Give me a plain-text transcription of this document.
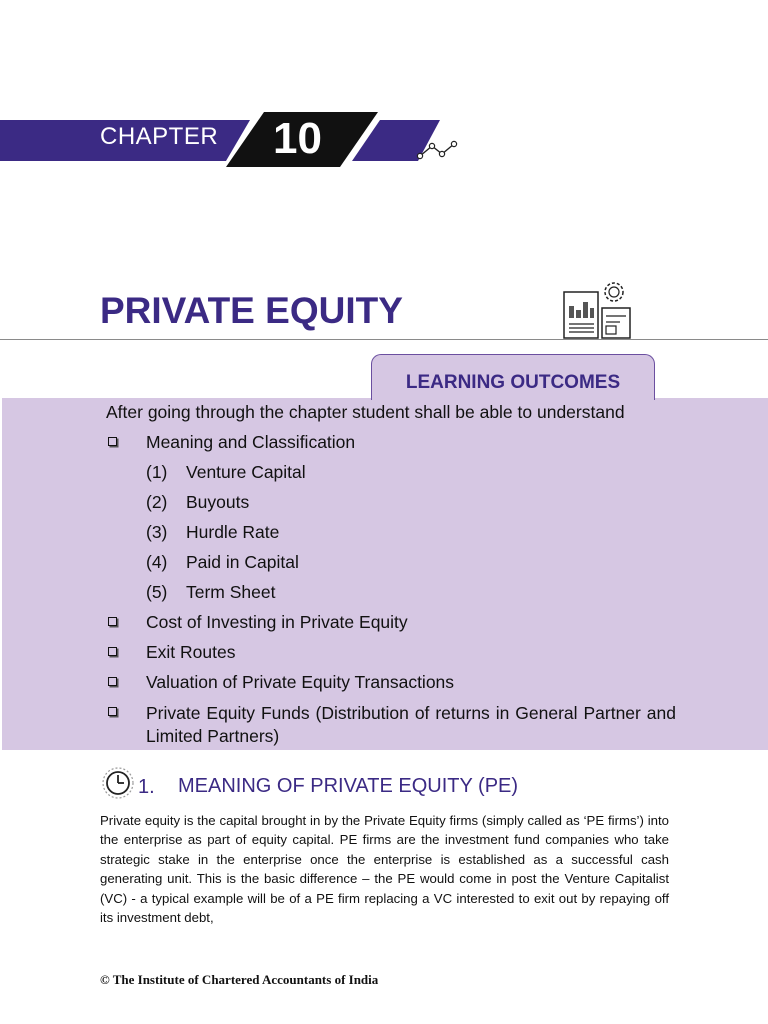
CHAPTER 10
PRIVATE EQUITY
LEARNING OUTCOMES
After going through the chapter student shall be able to understand
Meaning and Classification
(1) Venture Capital
(2) Buyouts
(3) Hurdle Rate
(4) Paid in Capital
(5) Term Sheet
Cost of Investing in Private Equity
Exit Routes
Valuation of Private Equity Transactions
Private Equity Funds (Distribution of returns in General Partner and Limited Partners)
1. MEANING OF PRIVATE EQUITY (PE)

Private equity is the capital brought in by the Private Equity firms (simply called as ‘PE firms’) into the enterprise as part of equity capital. PE firms are the investment fund companies who take strategic stake in the enterprise once the enterprise is established as a successful cash generating unit. This is the basic difference – the PE would come in post the Venture Capitalist (VC) - a typical example will be of a PE firm replacing a VC interested to exit out by repaying off its investment debt,

© The Institute of Chartered Accountants of India
